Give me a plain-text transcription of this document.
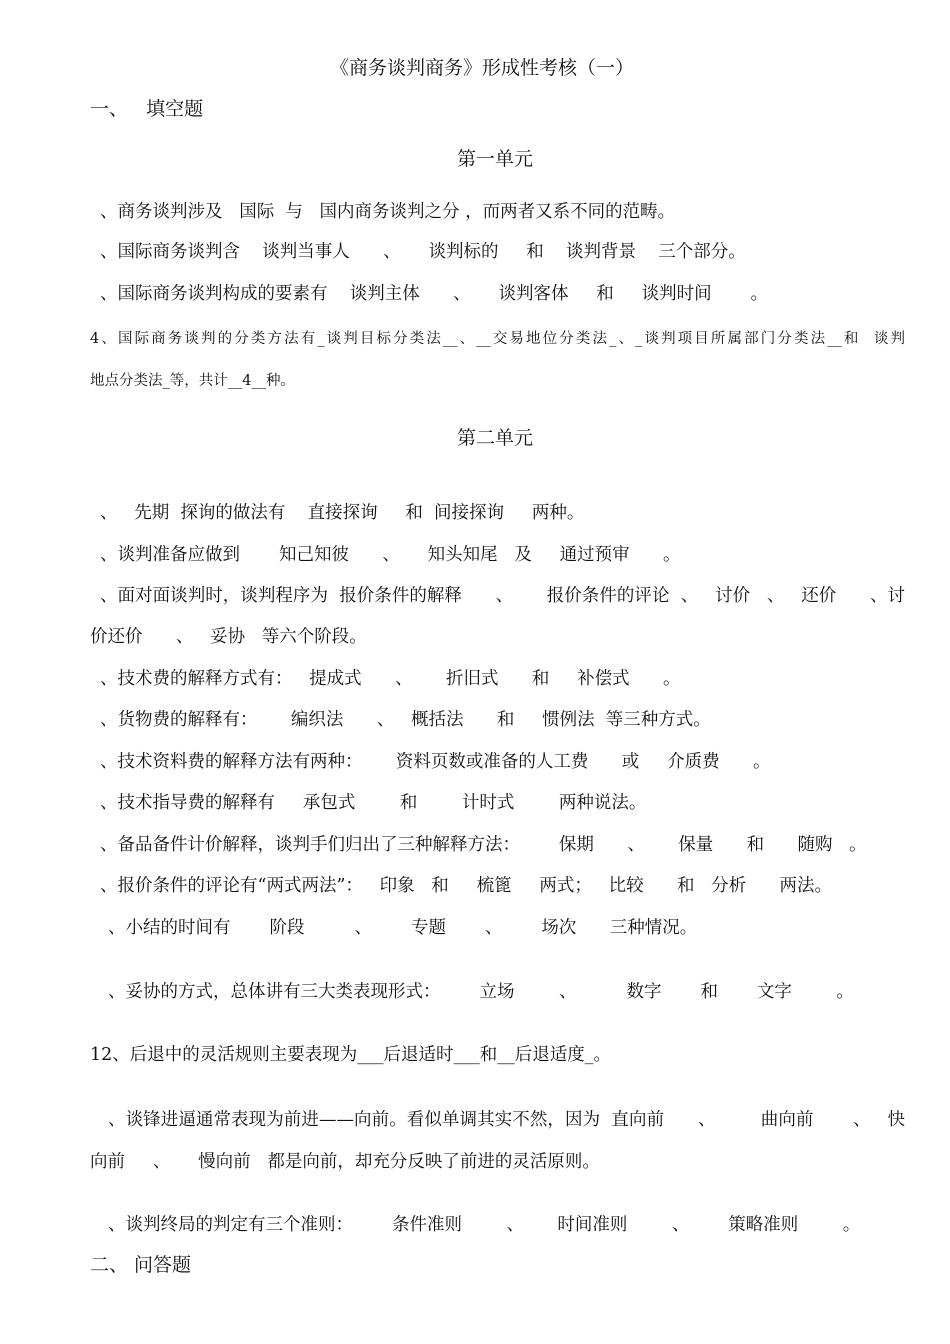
《商务谈判商务》形成性考核（一）
一、   填空题
第一单元
、商务谈判涉及   国际  与   国内商务谈判之分 ，而两者又系不同的范畴。
、国际商务谈判含    谈判当事人      、     谈判标的     和    谈判背景    三个部分。
、国际商务谈判构成的要素有    谈判主体      、     谈判客体     和     谈判时间       。
4、国际商务谈判的分类方法有_谈判目标分类法__、__交易地位分类法_、_谈判项目所属部门分类法__和  谈判
地点分类法_等，共计__4__种。
第二单元
、   先期  探询的做法有    直接探询     和  间接探询     两种。
、谈判准备应做到       知己知彼      、     知头知尾   及     通过预审      。
、面对面谈判时，谈判程序为  报价条件的解释      、      报价条件的评论  、   讨价   、   还价      、讨
价还价      、   妥协   等六个阶段。
、技术费的解释方式有：   提成式      、      折旧式      和     补偿式      。
、货物费的解释有：      编织法      、   概括法      和     惯例法  等三种方式。
、技术资料费的解释方法有两种：      资料页数或准备的人工费      或     介质费      。
、技术指导费的解释有     承包式        和        计时式        两种说法。
、备品备件计价解释，谈判手们归出了三种解释方法：       保期      、      保量      和      随购   。
、报价条件的评论有“两式两法”：   印象   和     梳篦     两式；   比较      和   分析      两法。
、小结的时间有       阶段         、       专题       、       场次      三种情况。
、妥协的方式，总体讲有三大类表现形式：       立场        、         数字       和       文字        。
12、后退中的灵活规则主要表现为___后退适时___和__后退适度_。
、谈锋进逼通常表现为前进——向前。看似单调其实不然，因为  直向前      、        曲向前       、   快
向前     、     慢向前   都是向前，却充分反映了前进的灵活原则。
、谈判终局的判定有三个准则：       条件准则        、      时间准则        、       策略准则        。
二、 问答题
